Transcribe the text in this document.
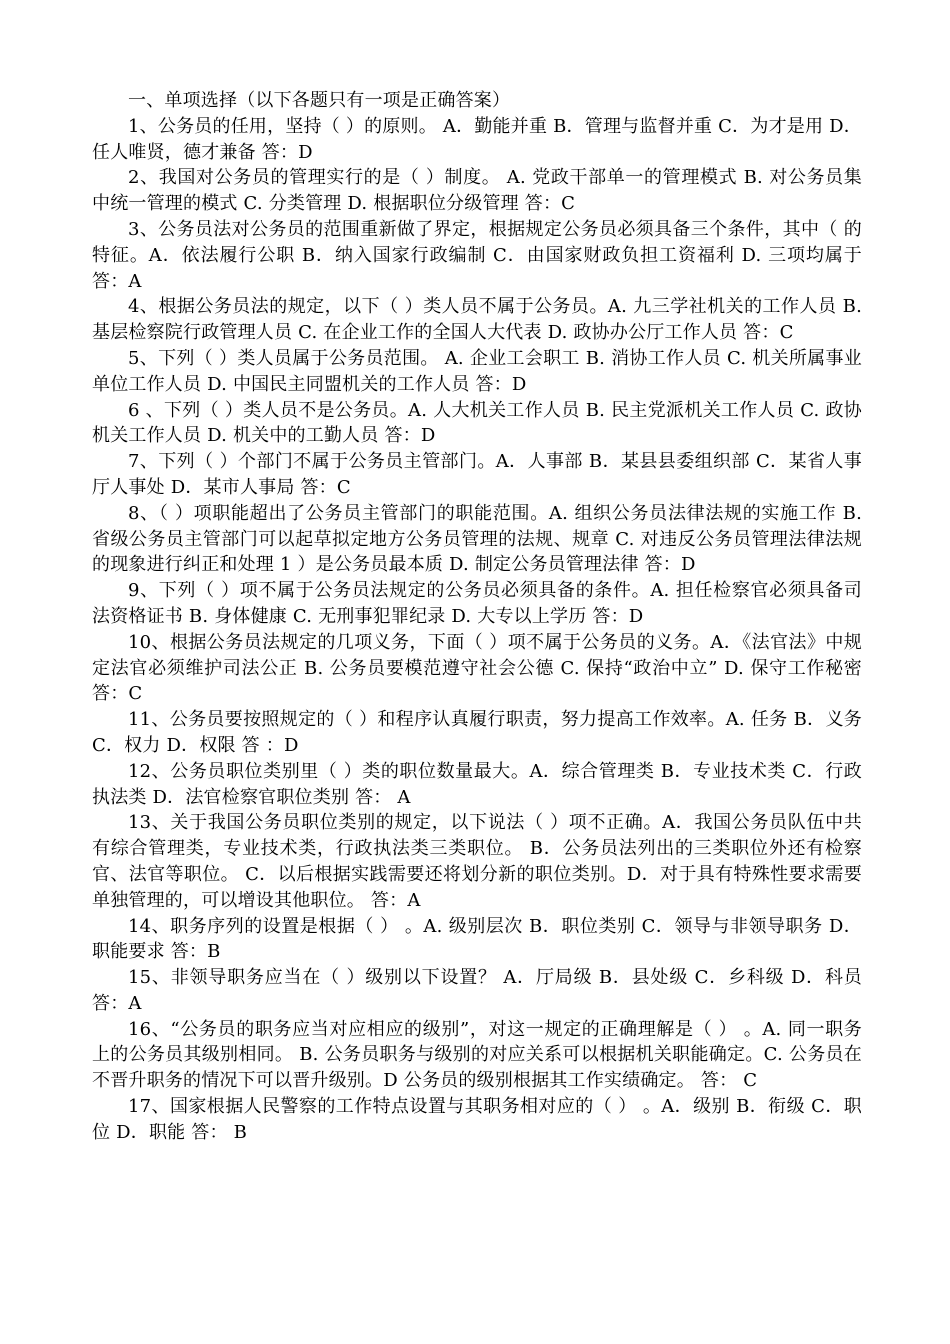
一、单项选择（以下各题只有一项是正确答案）

1、公务员的任用，坚持（ ）的原则。 A．勤能并重 B．管理与监督并重 C．为才是用 D．任人唯贤，德才兼备 答：D

2、我国对公务员的管理实行的是（ ）制度。 A. 党政干部单一的管理模式 B. 对公务员集中统一管理的模式 C. 分类管理 D. 根据职位分级管理 答：C

3、公务员法对公务员的范围重新做了界定，根据规定公务员必须具备三个条件，其中（ 的特征。A．依法履行公职 B．纳入国家行政编制 C．由国家财政负担工资福利 D. 三项均属于 答：A

4、根据公务员法的规定，以下（ ）类人员不属于公务员。A. 九三学社机关的工作人员 B. 基层检察院行政管理人员 C. 在企业工作的全国人大代表 D. 政协办公厅工作人员 答：C

5、下列（ ）类人员属于公务员范围。 A. 企业工会职工 B. 消协工作人员 C. 机关所属事业单位工作人员 D. 中国民主同盟机关的工作人员 答：D

6 、下列（ ）类人员不是公务员。A. 人大机关工作人员 B. 民主党派机关工作人员 C. 政协机关工作人员 D. 机关中的工勤人员 答：D

7、下列（ ）个部门不属于公务员主管部门。A．人事部 B．某县县委组织部 C．某省人事厅人事处 D．某市人事局 答：C

8、（ ）项职能超出了公务员主管部门的职能范围。A. 组织公务员法律法规的实施工作 B. 省级公务员主管部门可以起草拟定地方公务员管理的法规、规章 C. 对违反公务员管理法律法规的现象进行纠正和处理 1 ）是公务员最本质 D. 制定公务员管理法律 答：D

9、下列（ ）项不属于公务员法规定的公务员必须具备的条件。A. 担任检察官必须具备司法资格证书 B. 身体健康 C. 无刑事犯罪纪录 D. 大专以上学历 答：D

10、根据公务员法规定的几项义务，下面（ ）项不属于公务员的义务。A．《法官法》中规定法官必须维护司法公正 B. 公务员要模范遵守社会公德 C. 保持“政治中立” D. 保守工作秘密 答：C

11、公务员要按照规定的（ ）和程序认真履行职责，努力提高工作效率。A. 任务 B．义务 C．权力 D．权限 答 ：D

12、公务员职位类别里（ ）类的职位数量最大。A．综合管理类 B．专业技术类 C．行政执法类 D．法官检察官职位类别 答： A

13、关于我国公务员职位类别的规定，以下说法（ ）项不正确。A．我国公务员队伍中共有综合管理类，专业技术类，行政执法类三类职位。 B．公务员法列出的三类职位外还有检察官、法官等职位。 C．以后根据实践需要还将划分新的职位类别。D．对于具有特殊性要求需要单独管理的，可以增设其他职位。 答：A

14、职务序列的设置是根据（ ） 。A. 级别层次 B．职位类别 C．领导与非领导职务 D．职能要求 答：B

15、非领导职务应当在（ ）级别以下设置？ A．厅局级 B．县处级 C．乡科级 D．科员 答：A

16、“公务员的职务应当对应相应的级别”，对这一规定的正确理解是（ ） 。A. 同一职务上的公务员其级别相同。 B. 公务员职务与级别的对应关系可以根据机关职能确定。C. 公务员在不晋升职务的情况下可以晋升级别。D 公务员的级别根据其工作实绩确定。 答： C

17、国家根据人民警察的工作特点设置与其职务相对应的（ ） 。A．级别 B．衔级 C．职位 D．职能 答： B
